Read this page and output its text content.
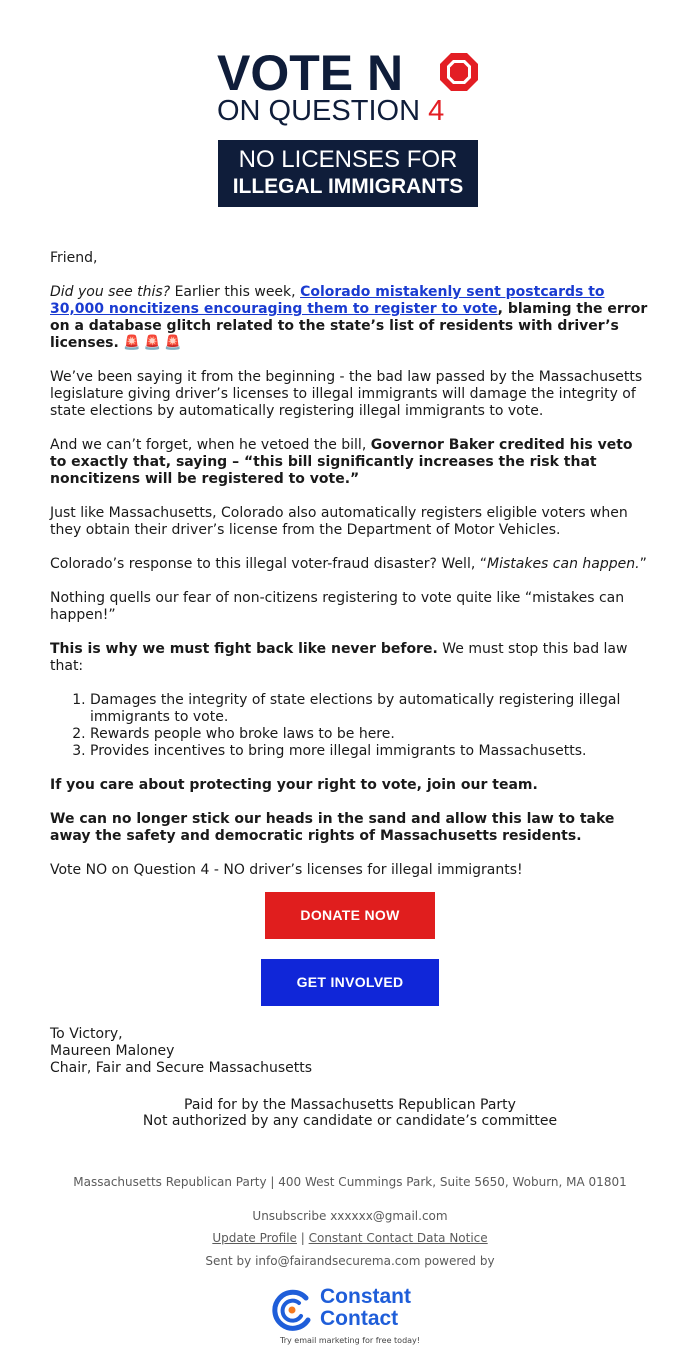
VOTE N
ON QUESTION 4
NO LICENSES FOR
ILLEGAL IMMIGRANTS

Friend,

Did you see this? Earlier this week, Colorado mistakenly sent postcards to 30,000 noncitizens encouraging them to register to vote, blaming the error on a database glitch related to the state’s list of residents with driver’s licenses. 🚨🚨🚨

We’ve been saying it from the beginning - the bad law passed by the Massachusetts legislature giving driver’s licenses to illegal immigrants will damage the integrity of state elections by automatically registering illegal immigrants to vote.

And we can’t forget, when he vetoed the bill, Governor Baker credited his veto to exactly that, saying – “this bill significantly increases the risk that noncitizens will be registered to vote.”

Just like Massachusetts, Colorado also automatically registers eligible voters when they obtain their driver’s license from the Department of Motor Vehicles.

Colorado’s response to this illegal voter-fraud disaster? Well, “Mistakes can happen.”

Nothing quells our fear of non-citizens registering to vote quite like “mistakes can happen!”

This is why we must fight back like never before. We must stop this bad law that:

1. Damages the integrity of state elections by automatically registering illegal immigrants to vote.
2. Rewards people who broke laws to be here.
3. Provides incentives to bring more illegal immigrants to Massachusetts.

If you care about protecting your right to vote, join our team.

We can no longer stick our heads in the sand and allow this law to take away the safety and democratic rights of Massachusetts residents.

Vote NO on Question 4 - NO driver’s licenses for illegal immigrants!

DONATE NOW
GET INVOLVED
To Victory,
Maureen Maloney
Chair, Fair and Secure Massachusetts
Paid for by the Massachusetts Republican Party
Not authorized by any candidate or candidate’s committee
Massachusetts Republican Party | 400 West Cummings Park, Suite 5650, Woburn, MA 01801
Unsubscribe xxxxxx@gmail.com
Update Profile | Constant Contact Data Notice
Sent by info@fairandsecurema.com powered by
Constant
Contact
Try email marketing for free today!
